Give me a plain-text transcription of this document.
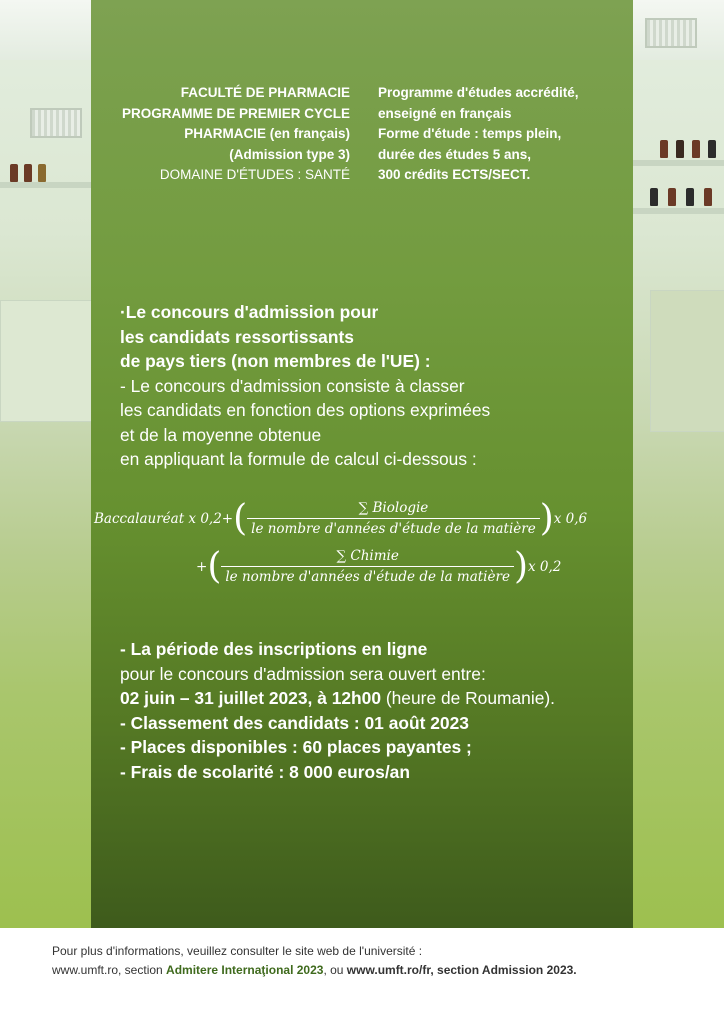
FACULTÉ DE PHARMACIE
PROGRAMME DE PREMIER CYCLE
PHARMACIE (en français)
(Admission type 3)
DOMAINE D'ÉTUDES : SANTÉ
Programme d'études accrédité,
enseigné en français
Forme d'étude : temps plein,
durée des études 5 ans,
300 crédits ECTS/SECT.
·Le concours d'admission pour
les candidats ressortissants
de pays tiers (non membres de l'UE) :
- Le concours d'admission consiste à classer
les candidats en fonction des options exprimées
et de la moyenne obtenue
en appliquant la formule de calcul ci-dessous :
Baccalauréat x 0,2+ ( $\frac{\text{∑ Biologie}}{\text{le nombre d'années d'étude de la matière}}$ ) x 0,6
+ ( $\frac{\text{∑ Chimie}}{\text{le nombre d'années d'étude de la matière}}$ ) x 0,2
- La période des inscriptions en ligne
pour le concours d'admission sera ouvert entre:
02 juin – 31 juillet 2023, à 12h00 (heure de Roumanie).
- Classement des candidats : 01 août 2023
- Places disponibles : 60 places payantes ;
- Frais de scolarité : 8 000 euros/an
Pour plus d'informations, veuillez consulter le site web de l'université :
www.umft.ro, section Admitere Internaţional 2023, ou www.umft.ro/fr, section Admission 2023.
